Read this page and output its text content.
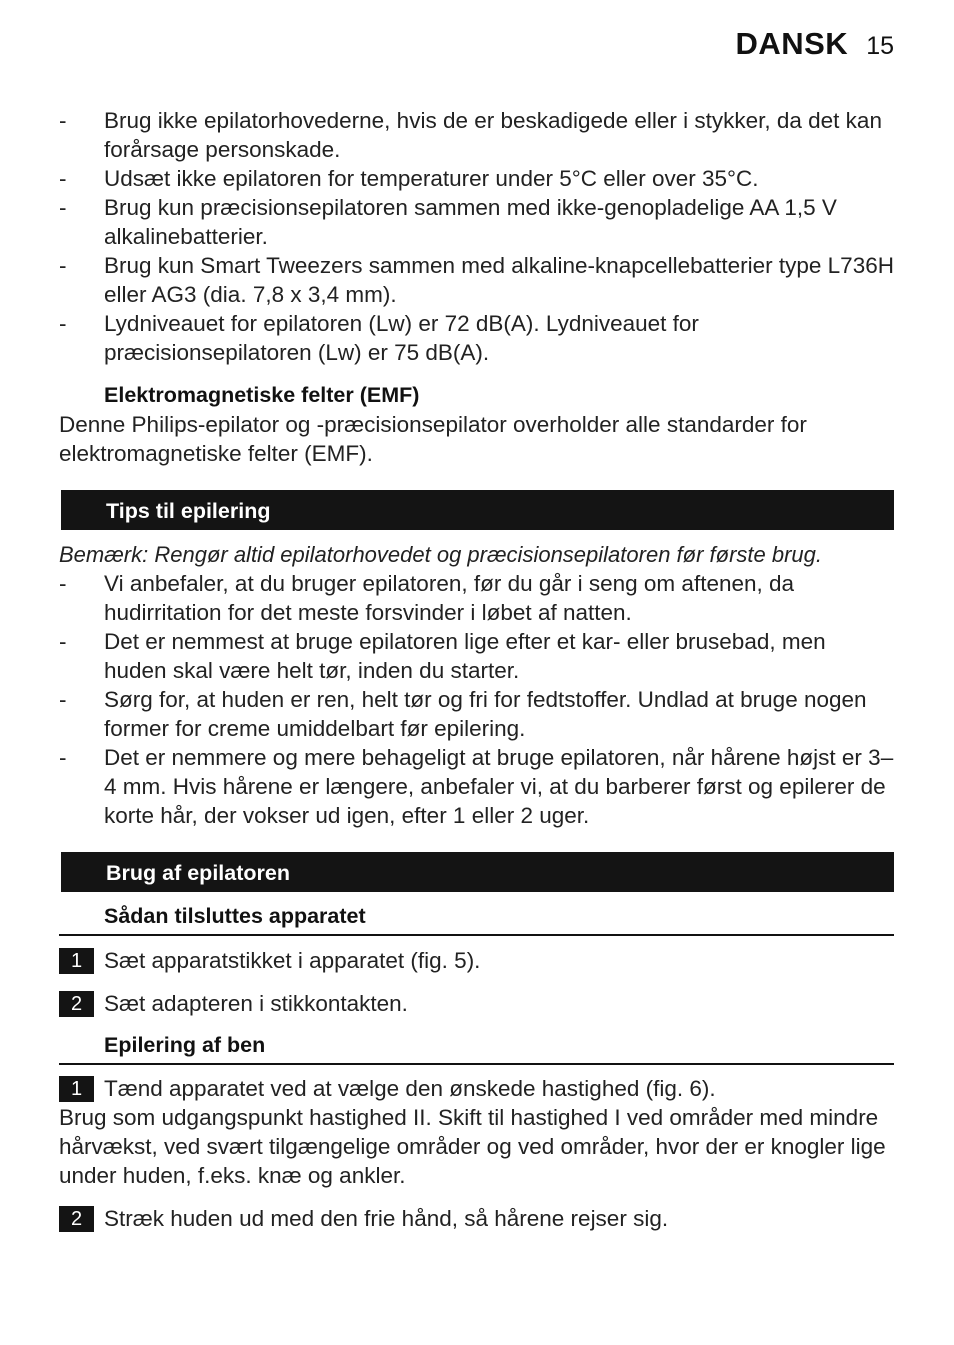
DANSK 15
- Brug ikke epilatorhovederne, hvis de er beskadigede eller i stykker, da det kan forårsage personskade.
- Udsæt ikke epilatoren for temperaturer under 5°C eller over 35°C.
- Brug kun præcisionsepilatoren sammen med ikke-genopladelige AA 1,5 V alkalinebatterier.
- Brug kun Smart Tweezers sammen med alkaline-knapcellebatterier type L736H eller AG3 (dia. 7,8 x 3,4 mm).
- Lydniveauet for epilatoren (Lw) er 72 dB(A). Lydniveauet for præcisionsepilatoren (Lw) er 75 dB(A).
Elektromagnetiske felter (EMF)
Denne Philips-epilator og -præcisionsepilator overholder alle standarder for elektromagnetiske felter (EMF).
Tips til epilering
Bemærk: Rengør altid epilatorhovedet og præcisionsepilatoren før første brug.
- Vi anbefaler, at du bruger epilatoren, før du går i seng om aftenen, da hudirritation for det meste forsvinder i løbet af natten.
- Det er nemmest at bruge epilatoren lige efter et kar- eller brusebad, men huden skal være helt tør, inden du starter.
- Sørg for, at huden er ren, helt tør og fri for fedtstoffer. Undlad at bruge nogen former for creme umiddelbart før epilering.
- Det er nemmere og mere behageligt at bruge epilatoren, når hårene højst er 3–4 mm. Hvis hårene er længere, anbefaler vi, at du barberer først og epilerer de korte hår, der vokser ud igen, efter 1 eller 2 uger.
Brug af epilatoren
Sådan tilsluttes apparatet
1 Sæt apparatstikket i apparatet (fig. 5).
2 Sæt adapteren i stikkontakten.
Epilering af ben
1 Tænd apparatet ved at vælge den ønskede hastighed (fig. 6).
Brug som udgangspunkt hastighed II. Skift til hastighed I ved områder med mindre hårvækst, ved svært tilgængelige områder og ved områder, hvor der er knogler lige under huden, f.eks. knæ og ankler.
2 Stræk huden ud med den frie hånd, så hårene rejser sig.
